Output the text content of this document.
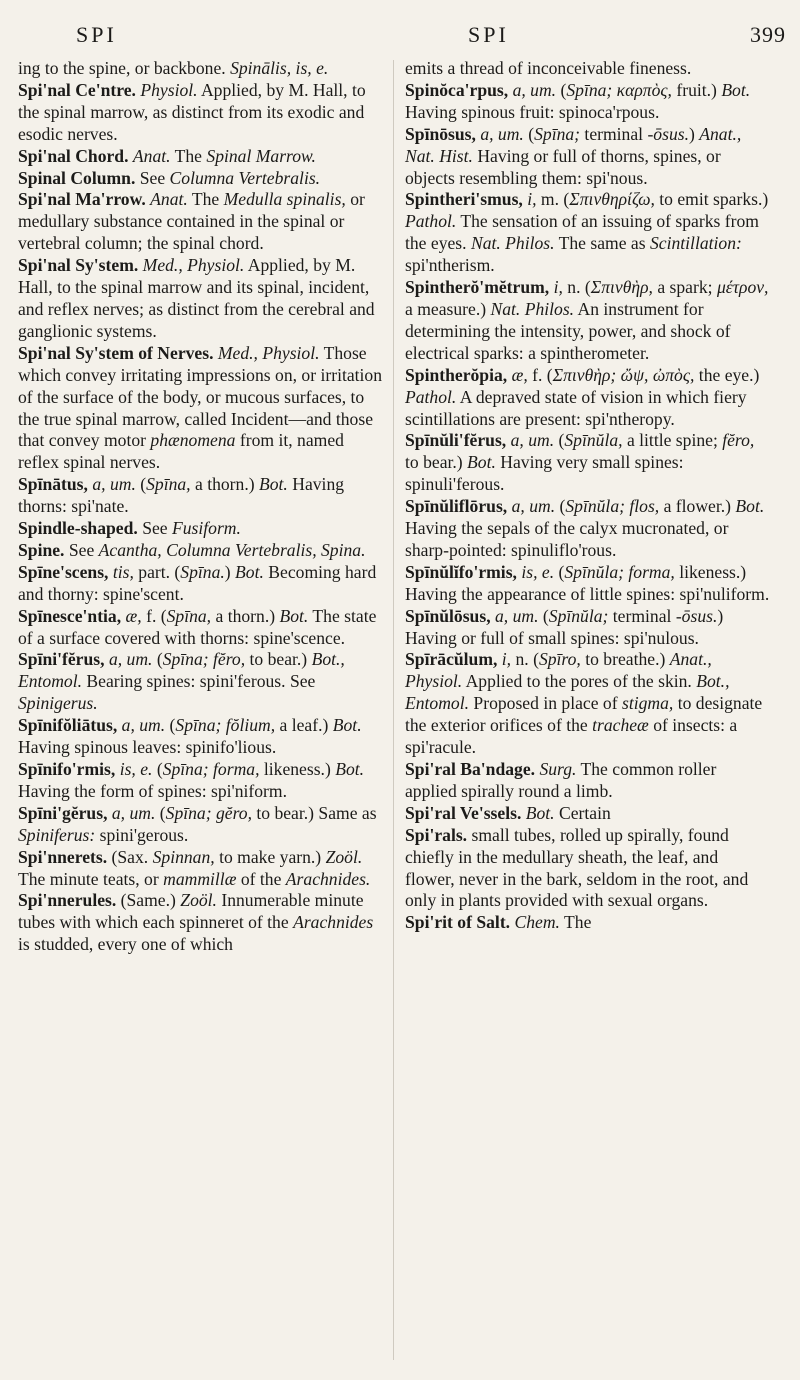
SPI	SPI	399

ing to the spine, or backbone. Spinālis, is, e.

Spi'nal Ce'ntre. Physiol. Applied, by M. Hall, to the spinal marrow, as distinct from its exodic and esodic nerves.

Spi'nal Chord. Anat. The Spinal Marrow.

Spinal Column. See Columna Vertebralis.

Spi'nal Ma'rrow. Anat. The Medulla spinalis, or medullary substance contained in the spinal or vertebral column; the spinal chord.

Spi'nal Sy'stem. Med., Physiol. Applied, by M. Hall, to the spinal marrow and its spinal, incident, and reflex nerves; as distinct from the cerebral and ganglionic systems.

Spi'nal Sy'stem of Nerves. Med., Physiol. Those which convey irritating impressions on, or irritation of the surface of the body, or mucous surfaces, to the true spinal marrow, called Incident—and those that convey motor phænomena from it, named reflex spinal nerves.

Spīnātus, a, um. (Spīna, a thorn.) Bot. Having thorns: spi'nate.

Spindle-shaped. See Fusiform.

Spine. See Acantha, Columna Vertebralis, Spina.

Spīne'scens, tis, part. (Spīna.) Bot. Becoming hard and thorny: spine'scent.

Spīnesce'ntia, æ, f. (Spīna, a thorn.) Bot. The state of a surface covered with thorns: spine'scence.

Spīni'fĕrus, a, um. (Spīna; fĕro, to bear.) Bot., Entomol. Bearing spines: spini'ferous. See Spinigerus.

Spīnifŏliātus, a, um. (Spīna; fŏlium, a leaf.) Bot. Having spinous leaves: spinifo'lious.

Spīnifo'rmis, is, e. (Spīna; forma, likeness.) Bot. Having the form of spines: spi'niform.

Spīni'gĕrus, a, um. (Spīna; gĕro, to bear.) Same as Spiniferus: spini'gerous.

Spi'nnerets. (Sax. Spinnan, to make yarn.) Zoöl. The minute teats, or mammillæ of the Arachnides.

Spi'nnerules. (Same.) Zoöl. Innumerable minute tubes with which each spinneret of the Arachnides is studded, every one of which

emits a thread of inconceivable fineness.

Spinŏca'rpus, a, um. (Spīna; καρπὸς, fruit.) Bot. Having spinous fruit: spinoca'rpous.

Spīnōsus, a, um. (Spīna; terminal -ōsus.) Anat., Nat. Hist. Having or full of thorns, spines, or objects resembling them: spi'nous.

Spintheri'smus, i, m. (Σπινθηρίζω, to emit sparks.) Pathol. The sensation of an issuing of sparks from the eyes. Nat. Philos. The same as Scintillation: spi'ntherism.

Spintherŏ'mĕtrum, i, n. (Σπινθὴρ, a spark; μέτρον, a measure.) Nat. Philos. An instrument for determining the intensity, power, and shock of electrical sparks: a spintherometer.

Spintherŏpia, æ, f. (Σπινθὴρ; ὤψ, ὠπὸς, the eye.) Pathol. A depraved state of vision in which fiery scintillations are present: spi'ntheropy.

Spīnŭli'fĕrus, a, um. (Spīnŭla, a little spine; fĕro, to bear.) Bot. Having very small spines: spinuli'ferous.

Spīnŭliflōrus, a, um. (Spīnŭla; flos, a flower.) Bot. Having the sepals of the calyx mucronated, or sharp-pointed: spinuliflo'rous.

Spīnŭlĭfo'rmis, is, e. (Spīnŭla; forma, likeness.) Having the appearance of little spines: spi'nuliform.

Spīnŭlōsus, a, um. (Spīnŭla; terminal -ōsus.) Having or full of small spines: spi'nulous.

Spīrācŭlum, i, n. (Spīro, to breathe.) Anat., Physiol. Applied to the pores of the skin. Bot., Entomol. Proposed in place of stigma, to designate the exterior orifices of the tracheæ of insects: a spi'racule.

Spi'ral Ba'ndage. Surg. The common roller applied spirally round a limb.

Spi'ral Ve'ssels. Bot. Certain

Spi'rals. small tubes, rolled up spirally, found chiefly in the medullary sheath, the leaf, and flower, never in the bark, seldom in the root, and only in plants provided with sexual organs.

Spi'rit of Salt. Chem. The
